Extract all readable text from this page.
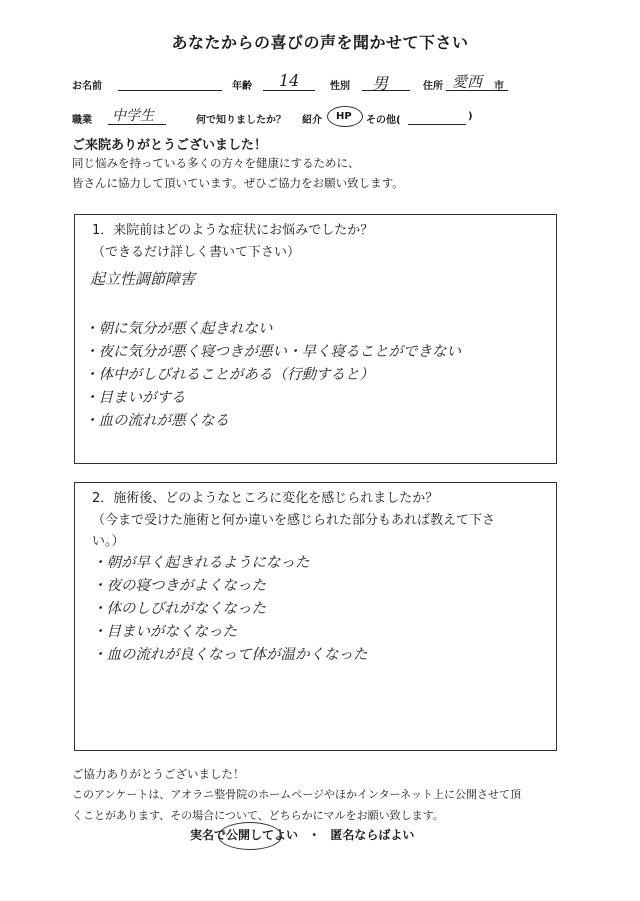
あなたからの喜びの声を聞かせて下さい
お名前	年齢 14	性別 男	住所 愛西 市
職業 中学生	何で知りましたか？ 紹介 HP その他(	)
ご来院ありがとうございました！
同じ悩みを持っている多くの方々を健康にするために、
皆さんに協力して頂いています。ぜひご協力をお願い致します。
1．来院前はどのような症状にお悩みでしたか？
（できるだけ詳しく書いて下さい）
起立性調節障害
・朝に気分が悪く起きれない
・夜に気分が悪く寝つきが悪い・早く寝ることができない
・体中がしびれることがある（行動すると）
・目まいがする
・血の流れが悪くなる
2．施術後、どのようなところに変化を感じられましたか？
（今まで受けた施術と何か違いを感じられた部分もあれば教えて下さ
い。）
・朝が早く起きれるようになった
・夜の寝つきがよくなった
・体のしびれがなくなった
・目まいがなくなった
・血の流れが良くなって体が温かくなった
ご協力ありがとうございました！
このアンケートは、アオラニ整骨院のホームページやほかインターネット上に公開させて頂
くことがあります、その場合について、どちらかにマルをお願い致します。
実名で公開してよい ・ 匿名ならばよい
